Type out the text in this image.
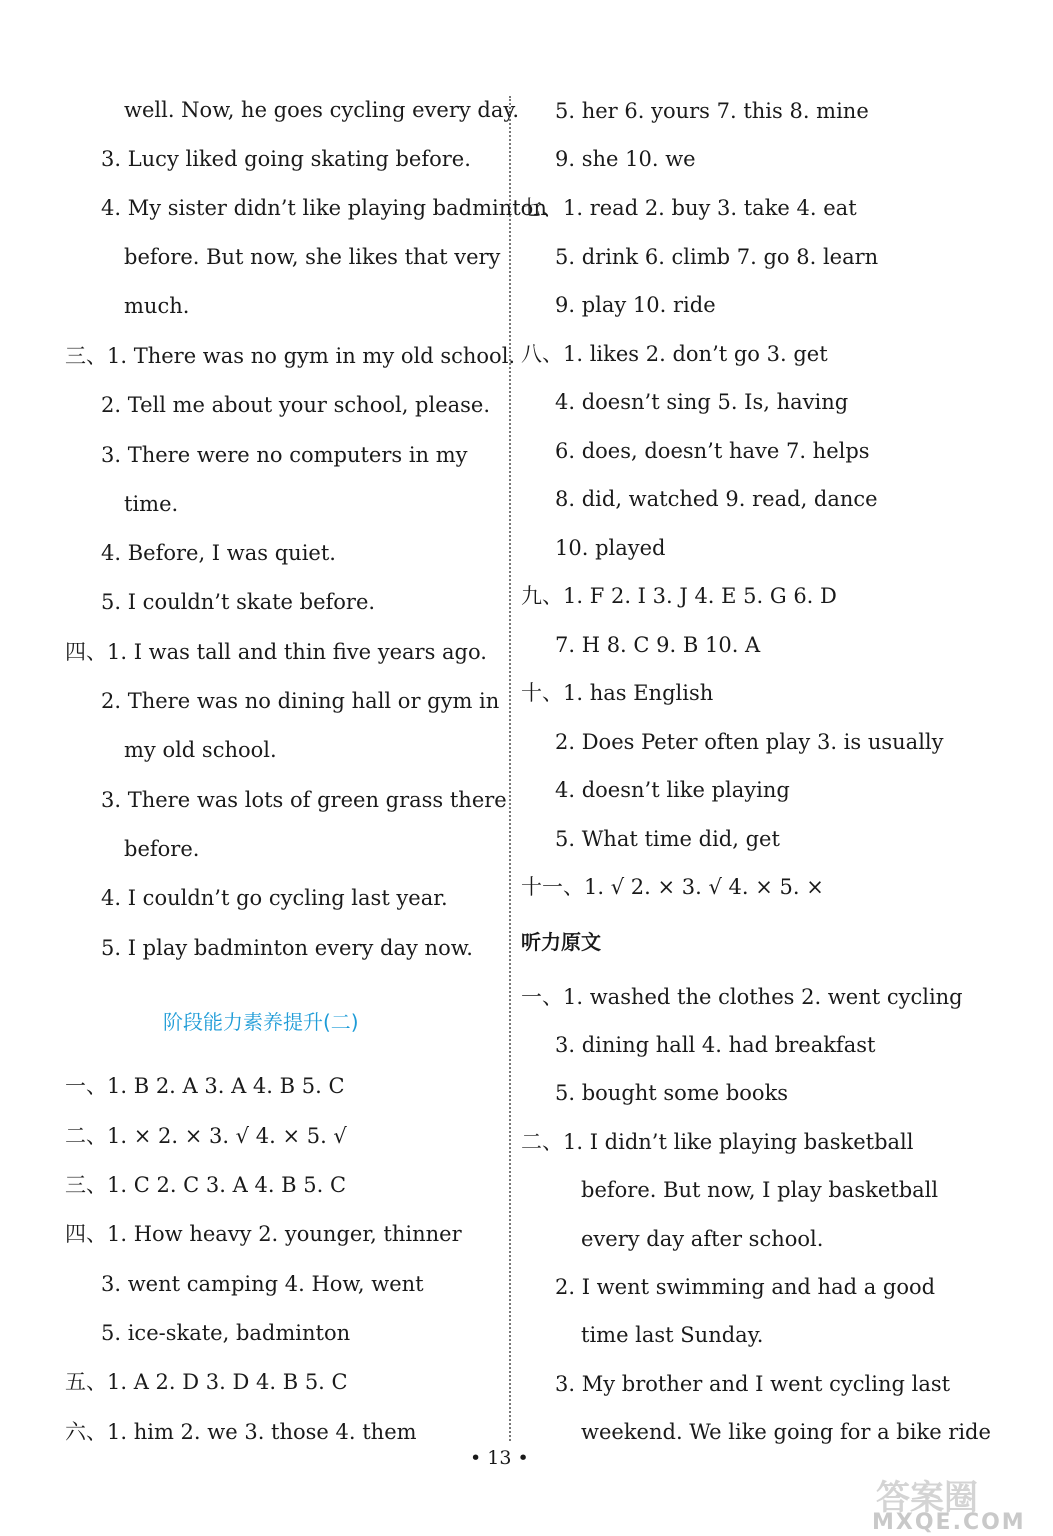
well. Now, he goes cycling every day.
3. Lucy liked going skating before.
4. My sister didn’t like playing badminton
before. But now, she likes that very
much.
三、1. There was no gym in my old school.
2. Tell me about your school, please.
3. There were no computers in my
time.
4. Before, I was quiet.
5. I couldn’t skate before.
四、1. I was tall and thin five years ago.
2. There was no dining hall or gym in
my old school.
3. There was lots of green grass there
before.
4. I couldn’t go cycling last year.
5. I play badminton every day now.
阶段能力素养提升(二)
一、1. B 2. A 3. A 4. B 5. C
二、1. × 2. × 3. √ 4. × 5. √
三、1. C 2. C 3. A 4. B 5. C
四、1. How heavy 2. younger, thinner
3. went camping 4. How, went
5. ice-skate, badminton
五、1. A 2. D 3. D 4. B 5. C
六、1. him 2. we 3. those 4. them
5. her 6. yours 7. this 8. mine
9. she 10. we
七、1. read 2. buy 3. take 4. eat
5. drink 6. climb 7. go 8. learn
9. play 10. ride
八、1. likes 2. don’t go 3. get
4. doesn’t sing 5. Is, having
6. does, doesn’t have 7. helps
8. did, watched 9. read, dance
10. played
九、1. F 2. I 3. J 4. E 5. G 6. D
7. H 8. C 9. B 10. A
十、1. has English
2. Does Peter often play 3. is usually
4. doesn’t like playing
5. What time did, get
十一、1. √ 2. × 3. √ 4. × 5. ×
听力原文
一、1. washed the clothes 2. went cycling
3. dining hall 4. had breakfast
5. bought some books
二、1. I didn’t like playing basketball
before. But now, I play basketball
every day after school.
2. I went swimming and had a good
time last Sunday.
3. My brother and I went cycling last
weekend. We like going for a bike ride
• 13 •
答案圈
MXQE.COM
